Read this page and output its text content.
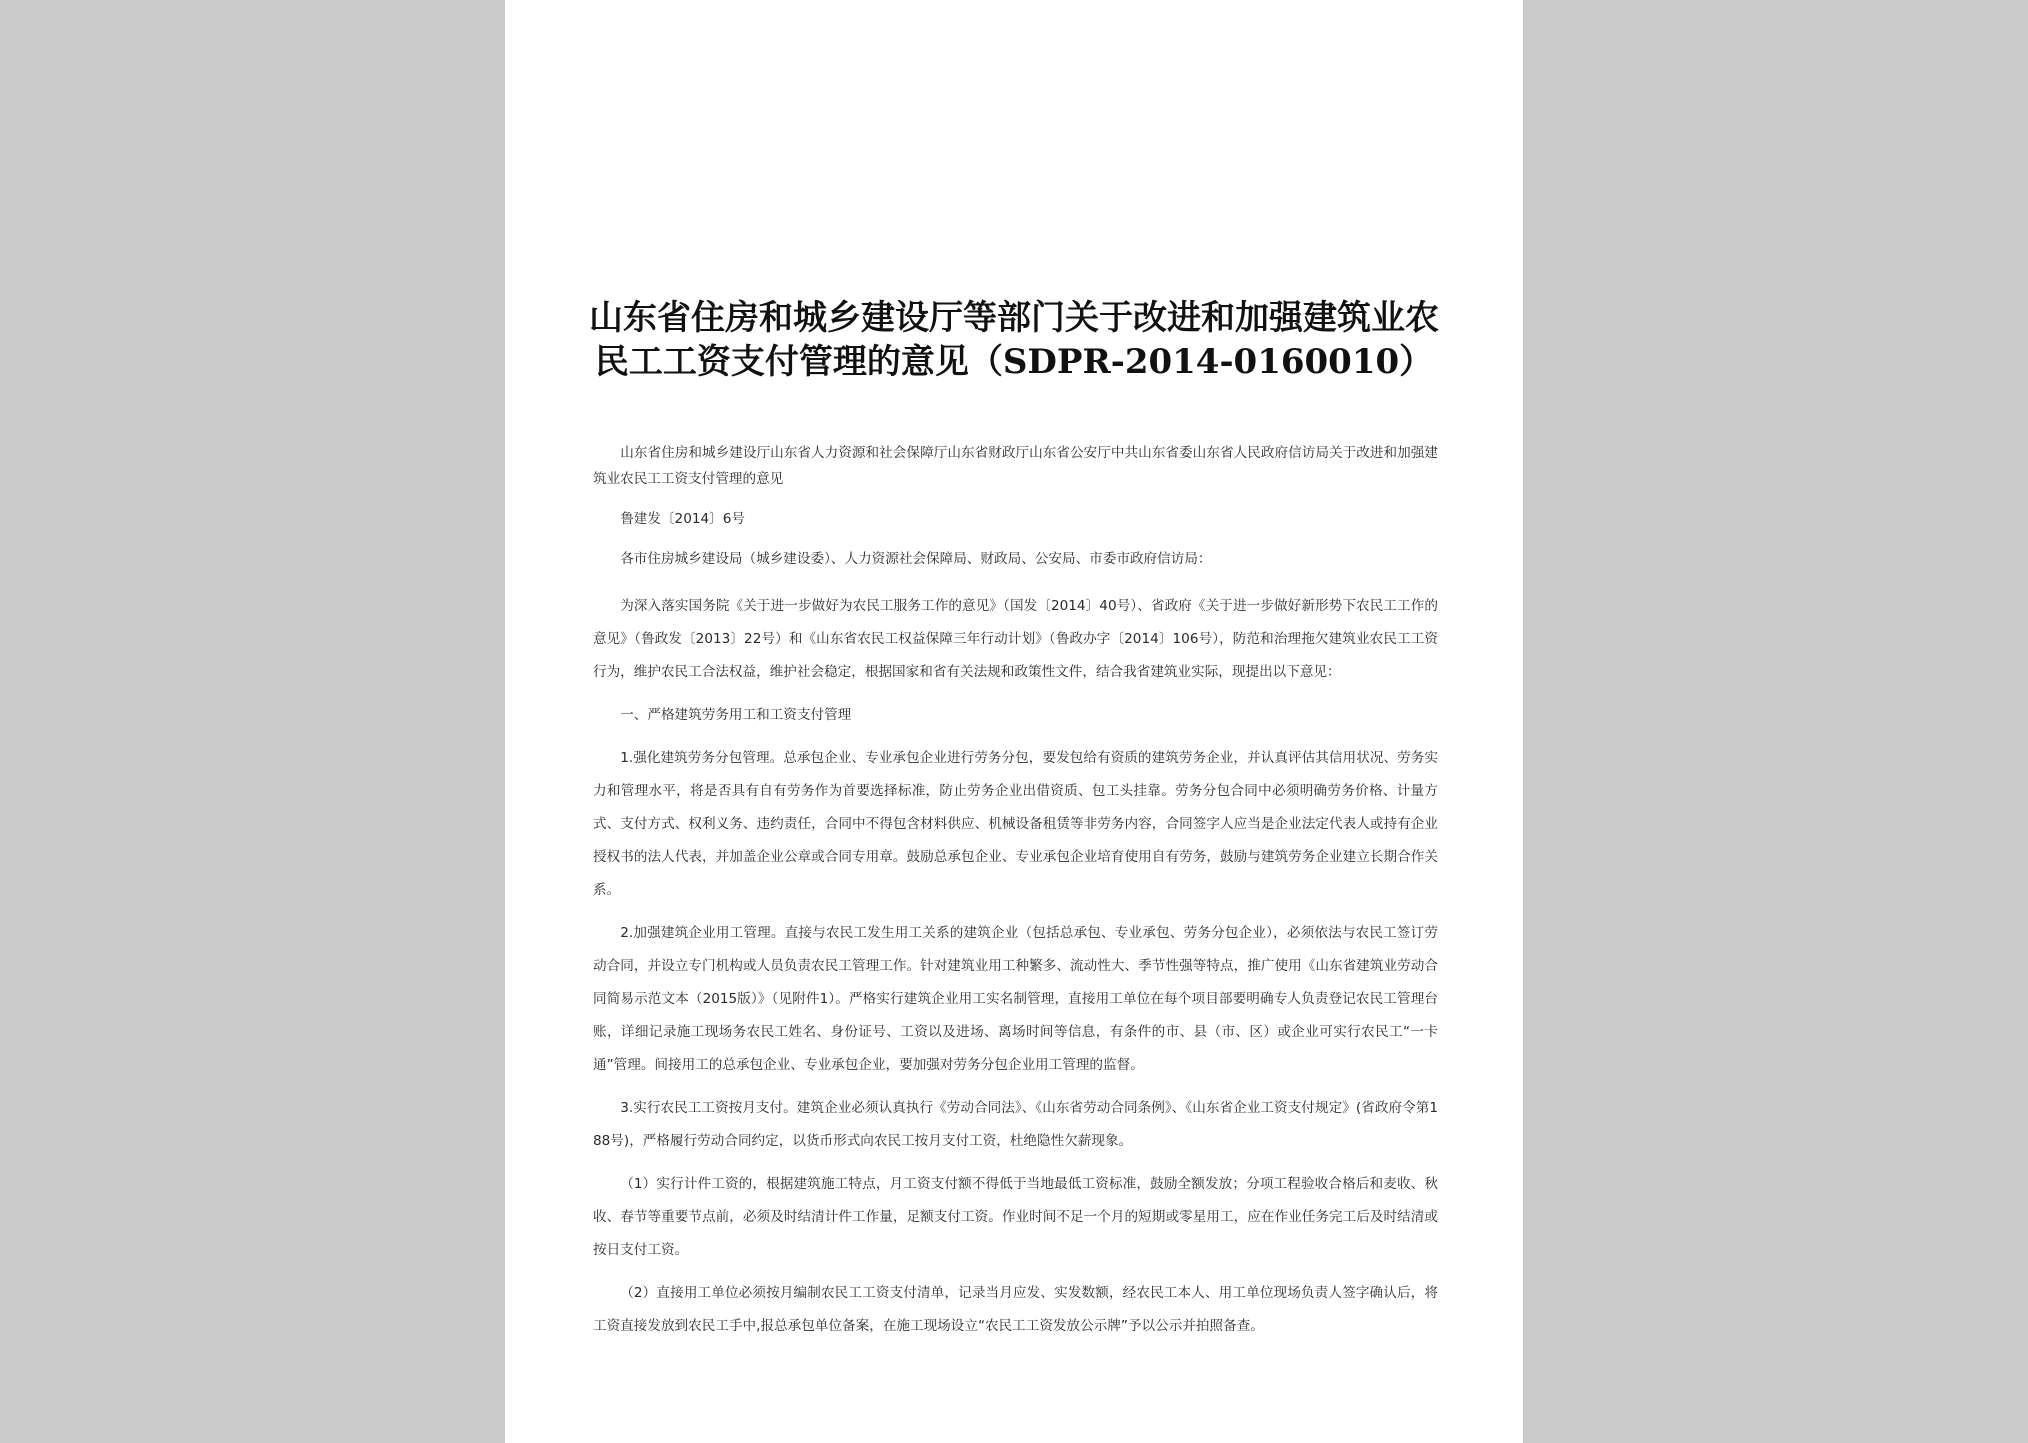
山东省住房和城乡建设厅等部门关于改进和加强建筑业农民工工资支付管理的意见（SDPR-2014-0160010）

山东省住房和城乡建设厅山东省人力资源和社会保障厅山东省财政厅山东省公安厅中共山东省委山东省人民政府信访局关于改进和加强建筑业农民工工资支付管理的意见

鲁建发〔2014〕6号

各市住房城乡建设局（城乡建设委）、人力资源社会保障局、财政局、公安局、市委市政府信访局：

为深入落实国务院《关于进一步做好为农民工服务工作的意见》（国发〔2014〕40号）、省政府《关于进一步做好新形势下农民工工作的意见》（鲁政发〔2013〕22号）和《山东省农民工权益保障三年行动计划》（鲁政办字〔2014〕106号），防范和治理拖欠建筑业农民工工资行为，维护农民工合法权益，维护社会稳定，根据国家和省有关法规和政策性文件，结合我省建筑业实际，现提出以下意见：

一、严格建筑劳务用工和工资支付管理

1.强化建筑劳务分包管理。总承包企业、专业承包企业进行劳务分包，要发包给有资质的建筑劳务企业，并认真评估其信用状况、劳务实力和管理水平，将是否具有自有劳务作为首要选择标准，防止劳务企业出借资质、包工头挂靠。劳务分包合同中必须明确劳务价格、计量方式、支付方式、权利义务、违约责任，合同中不得包含材料供应、机械设备租赁等非劳务内容，合同签字人应当是企业法定代表人或持有企业授权书的法人代表，并加盖企业公章或合同专用章。鼓励总承包企业、专业承包企业培育使用自有劳务，鼓励与建筑劳务企业建立长期合作关系。

2.加强建筑企业用工管理。直接与农民工发生用工关系的建筑企业（包括总承包、专业承包、劳务分包企业），必须依法与农民工签订劳动合同，并设立专门机构或人员负责农民工管理工作。针对建筑业用工种繁多、流动性大、季节性强等特点，推广使用《山东省建筑业劳动合同简易示范文本（2015版）》（见附件1）。严格实行建筑企业用工实名制管理，直接用工单位在每个项目部要明确专人负责登记农民工管理台账，详细记录施工现场务农民工姓名、身份证号、工资以及进场、离场时间等信息，有条件的市、县（市、区）或企业可实行农民工“一卡通”管理。间接用工的总承包企业、专业承包企业，要加强对劳务分包企业用工管理的监督。

3.实行农民工工资按月支付。建筑企业必须认真执行《劳动合同法》、《山东省劳动合同条例》、《山东省企业工资支付规定》(省政府令第188号)，严格履行劳动合同约定，以货币形式向农民工按月支付工资，杜绝隐性欠薪现象。

（1）实行计件工资的，根据建筑施工特点，月工资支付额不得低于当地最低工资标准，鼓励全额发放；分项工程验收合格后和麦收、秋收、春节等重要节点前，必须及时结清计件工作量，足额支付工资。作业时间不足一个月的短期或零星用工，应在作业任务完工后及时结清或按日支付工资。

（2）直接用工单位必须按月编制农民工工资支付清单，记录当月应发、实发数额，经农民工本人、用工单位现场负责人签字确认后，将工资直接发放到农民工手中,报总承包单位备案，在施工现场设立“农民工工资发放公示牌”予以公示并拍照备查。
